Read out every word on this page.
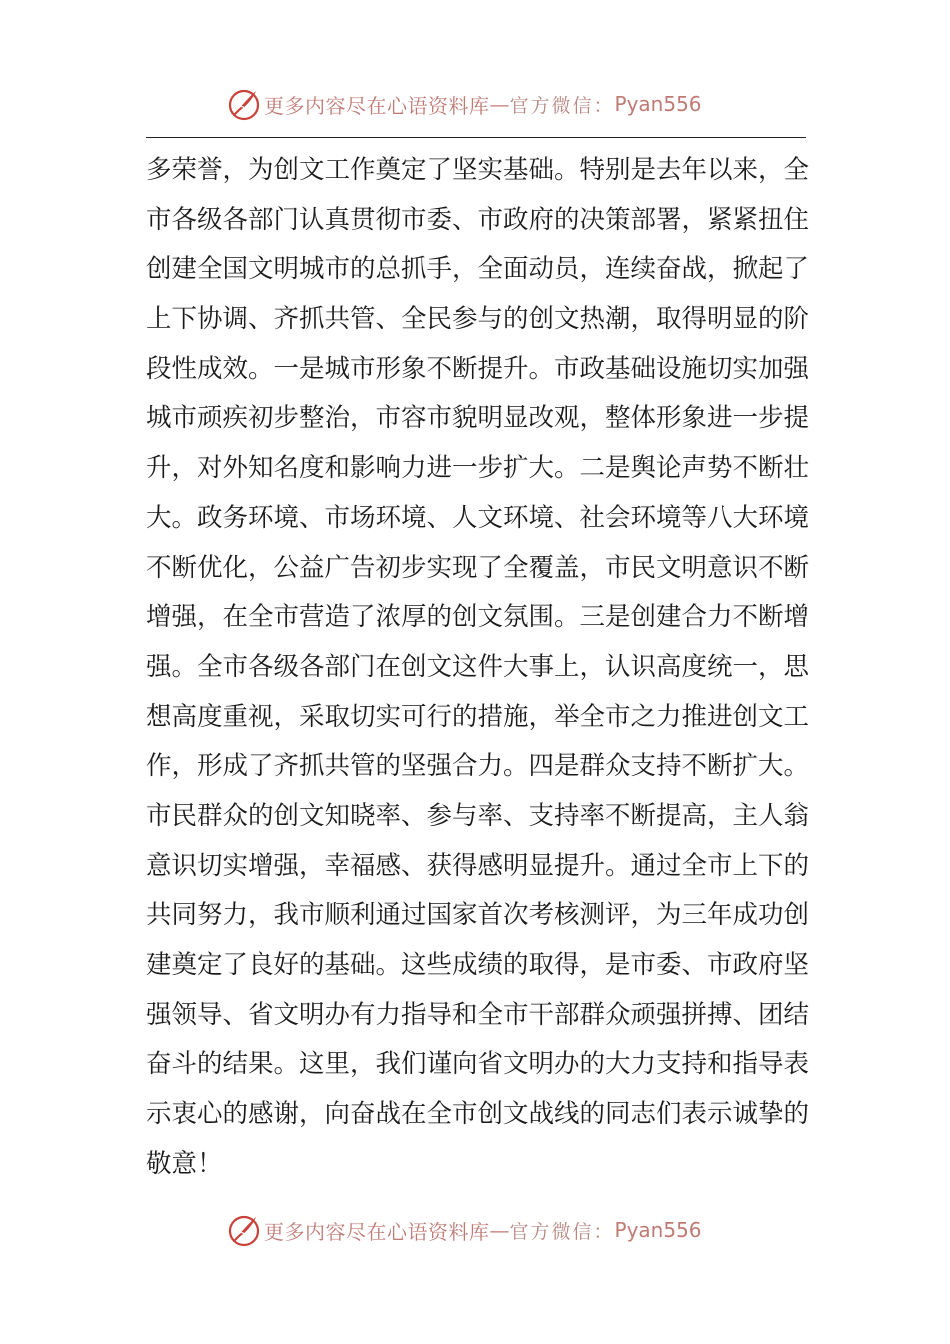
更多内容尽在心语资料库 — 官方微信： Pyan556
多荣誉，为创文工作奠定了坚实基础。特别是去年以来，全
市各级各部门认真贯彻市委、市政府的决策部署，紧紧扭住
创建全国文明城市的总抓手，全面动员，连续奋战，掀起了
上下协调、齐抓共管、全民参与的创文热潮，取得明显的阶
段性成效。一是城市形象不断提升。市政基础设施切实加强
城市顽疾初步整治，市容市貌明显改观，整体形象进一步提
升，对外知名度和影响力进一步扩大。二是舆论声势不断壮
大。政务环境、市场环境、人文环境、社会环境等八大环境
不断优化，公益广告初步实现了全覆盖，市民文明意识不断
增强，在全市营造了浓厚的创文氛围。三是创建合力不断增
强。全市各级各部门在创文这件大事上，认识高度统一，思
想高度重视，采取切实可行的措施，举全市之力推进创文工
作，形成了齐抓共管的坚强合力。四是群众支持不断扩大。
市民群众的创文知晓率、参与率、支持率不断提高，主人翁
意识切实增强，幸福感、获得感明显提升。通过全市上下的
共同努力，我市顺利通过国家首次考核测评，为三年成功创
建奠定了良好的基础。这些成绩的取得，是市委、市政府坚
强领导、省文明办有力指导和全市干部群众顽强拼搏、团结
奋斗的结果。这里，我们谨向省文明办的大力支持和指导表
示衷心的感谢，向奋战在全市创文战线的同志们表示诚挚的
敬意！
更多内容尽在心语资料库 — 官方微信： Pyan556
